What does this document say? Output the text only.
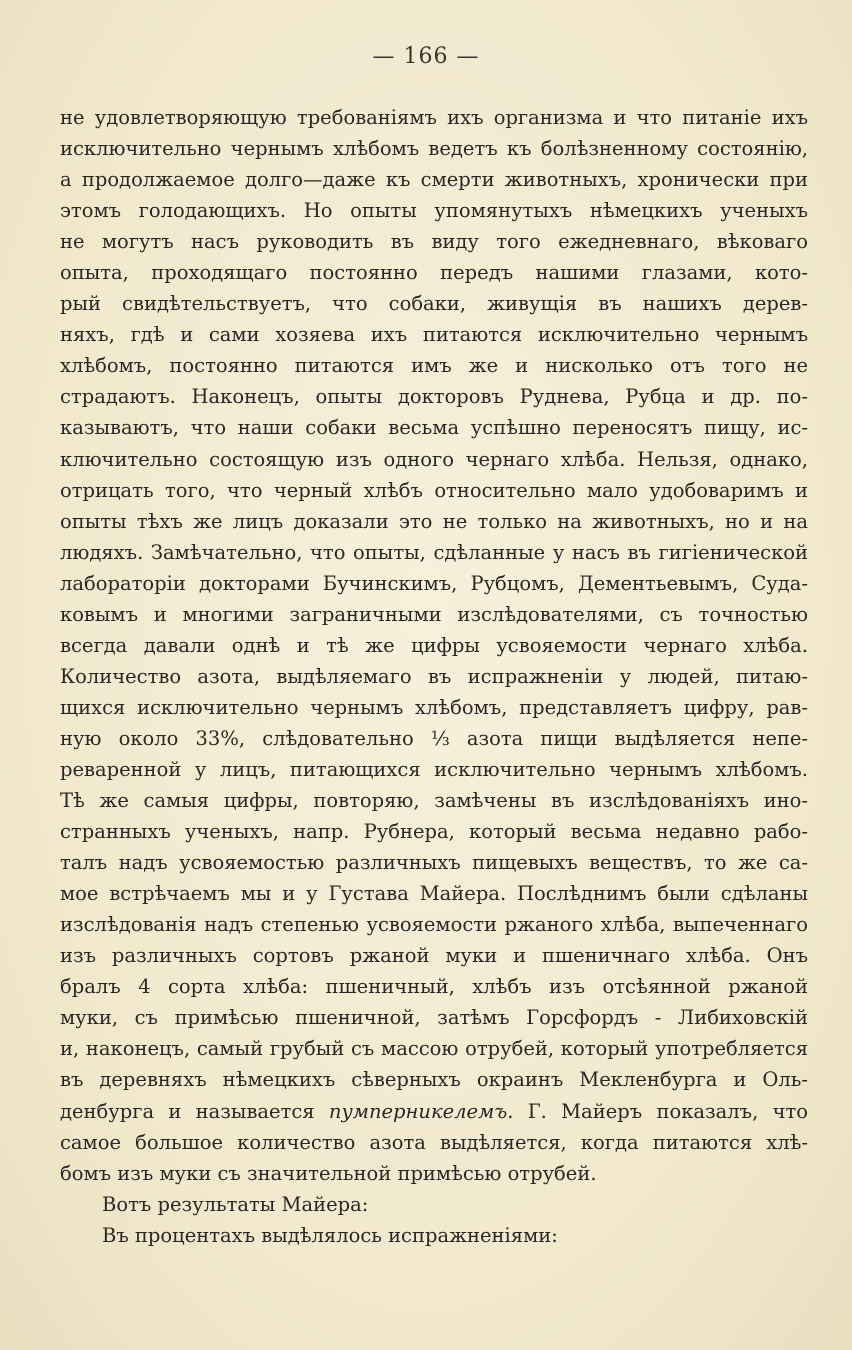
— 166 —
не удовлетворяющую требованіямъ ихъ организма и что питаніе ихъ
исключительно чернымъ хлѣбомъ ведетъ къ болѣзненному состоянію,
а продолжаемое долго—даже къ смерти животныхъ, хронически при
этомъ голодающихъ. Но опыты упомянутыхъ нѣмецкихъ ученыхъ
не могутъ насъ руководить въ виду того ежедневнаго, вѣковаго
опыта, проходящаго постоянно передъ нашими глазами, кото-
рый свидѣтельствуетъ, что собаки, живущія въ нашихъ дерев-
няхъ, гдѣ и сами хозяева ихъ питаются исключительно чернымъ
хлѣбомъ, постоянно питаются имъ же и нисколько отъ того не
страдаютъ. Наконецъ, опыты докторовъ Руднева, Рубца и др. по-
казываютъ, что наши собаки весьма успѣшно переносятъ пищу, ис-
ключительно состоящую изъ одного чернаго хлѣба. Нельзя, однако,
отрицать того, что черный хлѣбъ относительно мало удобоваримъ и
опыты тѣхъ же лицъ доказали это не только на животныхъ, но и на
людяхъ. Замѣчательно, что опыты, сдѣланные у насъ въ гигіенической
лабораторіи докторами Бучинскимъ, Рубцомъ, Дементьевымъ, Суда-
ковымъ и многими заграничными изслѣдователями, съ точностью
всегда давали однѣ и тѣ же цифры усвояемости чернаго хлѣба.
Количество азота, выдѣляемаго въ испражненіи у людей, питаю-
щихся исключительно чернымъ хлѣбомъ, представляетъ цифру, рав-
ную около 33%, слѣдовательно ⅓ азота пищи выдѣляется непе-
реваренной у лицъ, питающихся исключительно чернымъ хлѣбомъ.
Тѣ же самыя цифры, повторяю, замѣчены въ изслѣдованіяхъ ино-
странныхъ ученыхъ, напр. Рубнера, который весьма недавно рабо-
талъ надъ усвояемостью различныхъ пищевыхъ веществъ, то же са-
мое встрѣчаемъ мы и у Густава Майера. Послѣднимъ были сдѣланы
изслѣдованія надъ степенью усвояемости ржаного хлѣба, выпеченнаго
изъ различныхъ сортовъ ржаной муки и пшеничнаго хлѣба. Онъ
бралъ 4 сорта хлѣба: пшеничный, хлѣбъ изъ отсѣянной ржаной
муки, съ примѣсью пшеничной, затѣмъ Горсфордъ - Либиховскій
и, наконецъ, самый грубый съ массою отрубей, который употребляется
въ деревняхъ нѣмецкихъ сѣверныхъ окраинъ Мекленбурга и Оль-
денбурга и называется пумперникелемъ. Г. Майеръ показалъ, что
самое большое количество азота выдѣляется, когда питаются хлѣ-
бомъ изъ муки съ значительной примѣсью отрубей.
Вотъ результаты Майера:
Въ процентахъ выдѣлялось испражненіями:
